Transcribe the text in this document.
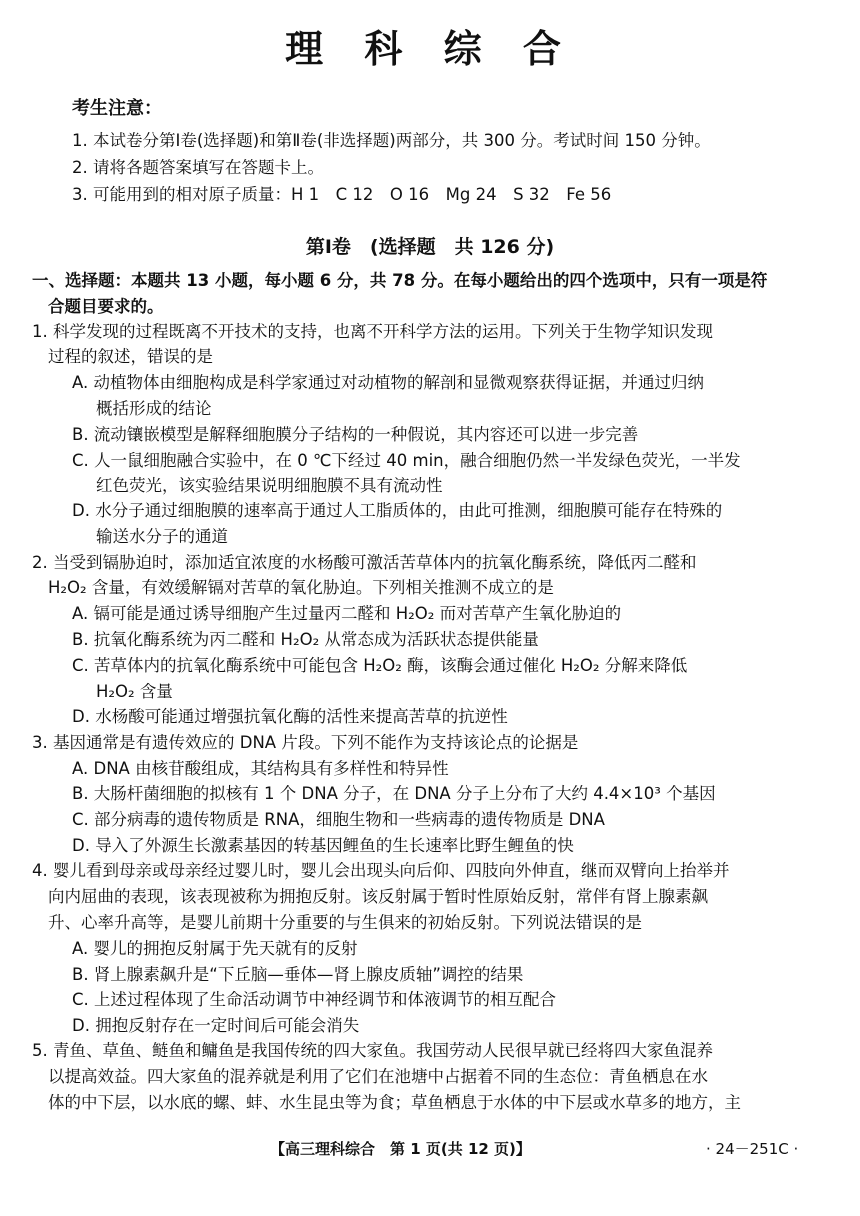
理 科 综 合
考生注意：
1. 本试卷分第Ⅰ卷(选择题)和第Ⅱ卷(非选择题)两部分，共 300 分。考试时间 150 分钟。
2. 请将各题答案填写在答题卡上。
3. 可能用到的相对原子质量：H 1　C 12　O 16　Mg 24　S 32　Fe 56
第Ⅰ卷　(选择题　共 126 分)
一、选择题：本题共 13 小题，每小题 6 分，共 78 分。在每小题给出的四个选项中，只有一项是符
合题目要求的。
1. 科学发现的过程既离不开技术的支持，也离不开科学方法的运用。下列关于生物学知识发现
过程的叙述，错误的是
A. 动植物体由细胞构成是科学家通过对动植物的解剖和显微观察获得证据，并通过归纳
概括形成的结论
B. 流动镶嵌模型是解释细胞膜分子结构的一种假说，其内容还可以进一步完善
C. 人一鼠细胞融合实验中，在 0 ℃下经过 40 min，融合细胞仍然一半发绿色荧光，一半发
红色荧光，该实验结果说明细胞膜不具有流动性
D. 水分子通过细胞膜的速率高于通过人工脂质体的，由此可推测，细胞膜可能存在特殊的
输送水分子的通道
2. 当受到镉胁迫时，添加适宜浓度的水杨酸可激活苦草体内的抗氧化酶系统，降低丙二醛和
H₂O₂ 含量，有效缓解镉对苦草的氧化胁迫。下列相关推测不成立的是
A. 镉可能是通过诱导细胞产生过量丙二醛和 H₂O₂ 而对苦草产生氧化胁迫的
B. 抗氧化酶系统为丙二醛和 H₂O₂ 从常态成为活跃状态提供能量
C. 苦草体内的抗氧化酶系统中可能包含 H₂O₂ 酶，该酶会通过催化 H₂O₂ 分解来降低
H₂O₂ 含量
D. 水杨酸可能通过增强抗氧化酶的活性来提高苦草的抗逆性
3. 基因通常是有遗传效应的 DNA 片段。下列不能作为支持该论点的论据是
A. DNA 由核苷酸组成，其结构具有多样性和特异性
B. 大肠杆菌细胞的拟核有 1 个 DNA 分子，在 DNA 分子上分布了大约 4.4×10³ 个基因
C. 部分病毒的遗传物质是 RNA，细胞生物和一些病毒的遗传物质是 DNA
D. 导入了外源生长激素基因的转基因鲤鱼的生长速率比野生鲤鱼的快
4. 婴儿看到母亲或母亲经过婴儿时，婴儿会出现头向后仰、四肢向外伸直，继而双臂向上抬举并
向内屈曲的表现，该表现被称为拥抱反射。该反射属于暂时性原始反射，常伴有肾上腺素飙
升、心率升高等，是婴儿前期十分重要的与生俱来的初始反射。下列说法错误的是
A. 婴儿的拥抱反射属于先天就有的反射
B. 肾上腺素飙升是“下丘脑—垂体—肾上腺皮质轴”调控的结果
C. 上述过程体现了生命活动调节中神经调节和体液调节的相互配合
D. 拥抱反射存在一定时间后可能会消失
5. 青鱼、草鱼、鲢鱼和鳙鱼是我国传统的四大家鱼。我国劳动人民很早就已经将四大家鱼混养
以提高效益。四大家鱼的混养就是利用了它们在池塘中占据着不同的生态位：青鱼栖息在水
体的中下层，以水底的螺、蚌、水生昆虫等为食；草鱼栖息于水体的中下层或水草多的地方，主
【高三理科综合　第 1 页(共 12 页)】	· 24－251C ·
